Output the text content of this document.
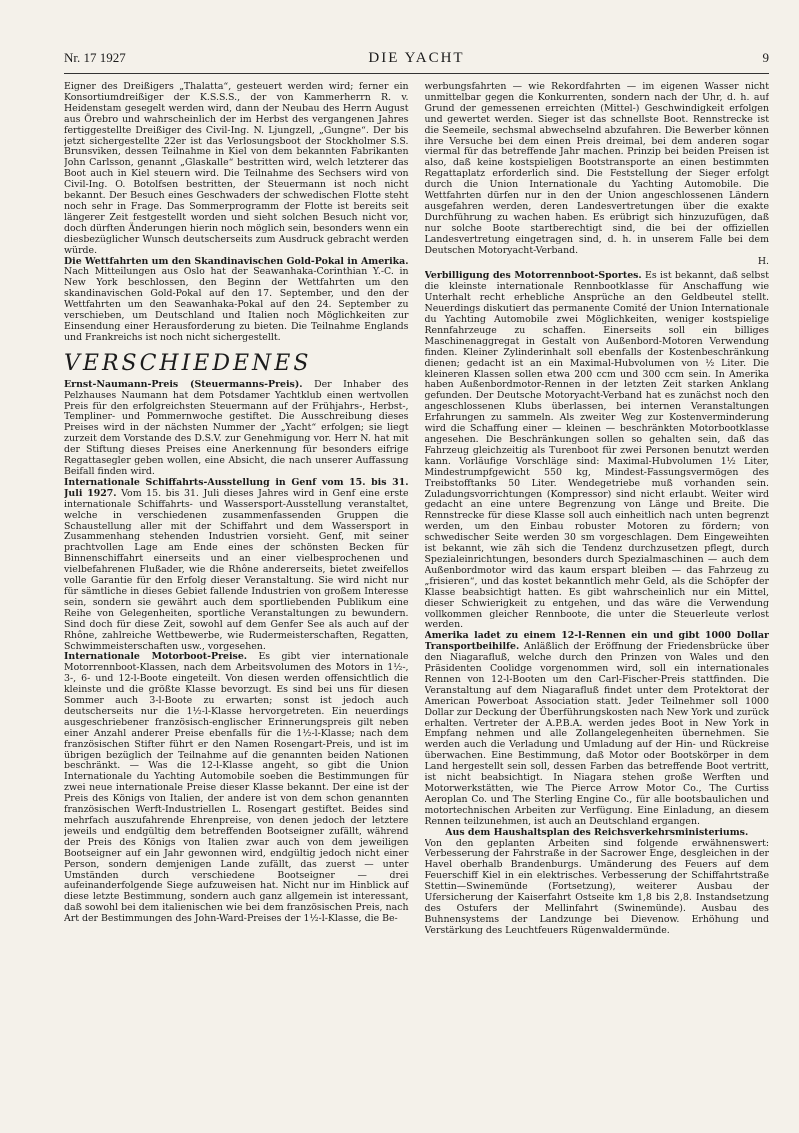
Nr. 17 1927	DIE YACHT	9

Eigner des Dreißigers „Thalatta“, gesteuert werden wird; ferner ein Konsortiumdreißiger der K.S.S.S., der von Kammerherrn R. v. Heidenstam gesegelt werden wird, dann der Neubau des Herrn August aus Örebro und wahrscheinlich der im Herbst des vergangenen Jahres fertiggestellte Dreißiger des Civil-Ing. N. Ljungzell, „Gungne“. Der bis jetzt sichergestellte 22er ist das Verlosungsboot der Stockholmer S.S. Brunsviken, dessen Teilnahme in Kiel von dem bekannten Fabrikanten John Carlsson, genannt „Glaskalle“ bestritten wird, welch letzterer das Boot auch in Kiel steuern wird. Die Teilnahme des Sechsers wird von Civil-Ing. O. Botolfsen bestritten, der Steuermann ist noch nicht bekannt. Der Besuch eines Geschwaders der schwedischen Flotte steht noch sehr in Frage. Das Sommerprogramm der Flotte ist bereits seit längerer Zeit festgestellt worden und sieht solchen Besuch nicht vor, doch dürften Änderungen hierin noch möglich sein, besonders wenn ein diesbezüglicher Wunsch deutscherseits zum Ausdruck gebracht werden würde.

Die Wettfahrten um den Skandinavischen Gold-Pokal in Amerika. Nach Mitteilungen aus Oslo hat der Seawanhaka-Corinthian Y.-C. in New York beschlossen, den Beginn der Wettfahrten um den skandinavischen Gold-Pokal auf den 17. September, und den der Wettfahrten um den Seawanhaka-Pokal auf den 24. September zu verschieben, um Deutschland und Italien noch Möglichkeiten zur Einsendung einer Herausforderung zu bieten. Die Teilnahme Englands und Frankreichs ist noch nicht sichergestellt.

VERSCHIEDENES

Ernst-Naumann-Preis (Steuermanns-Preis). Der Inhaber des Pelzhauses Naumann hat dem Potsdamer Yachtklub einen wertvollen Preis für den erfolgreichsten Steuermann auf der Frühjahrs-, Herbst-, Templiner- und Pommernwoche gestiftet. Die Ausschreibung dieses Preises wird in der nächsten Nummer der „Yacht“ erfolgen; sie liegt zurzeit dem Vorstande des D.S.V. zur Genehmigung vor. Herr N. hat mit der Stiftung dieses Preises eine Anerkennung für besonders eifrige Regattasegler geben wollen, eine Absicht, die nach unserer Auffassung Beifall finden wird.

Internationale Schiffahrts-Ausstellung in Genf vom 15. bis 31. Juli 1927. Vom 15. bis 31. Juli dieses Jahres wird in Genf eine erste internationale Schiffahrts- und Wassersport-Ausstellung veranstaltet, welche in verschiedenen zusammenfassenden Gruppen die Schaustellung aller mit der Schiffahrt und dem Wassersport in Zusammenhang stehenden Industrien vorsieht. Genf, mit seiner prachtvollen Lage am Ende eines der schönsten Becken für Binnenschiffahrt einerseits und an einer vielbesprochenen und vielbefahrenen Flußader, wie die Rhône andererseits, bietet zweifellos volle Garantie für den Erfolg dieser Veranstaltung. Sie wird nicht nur für sämtliche in dieses Gebiet fallende Industrien von großem Interesse sein, sondern sie gewährt auch dem sportliebenden Publikum eine Reihe von Gelegenheiten, sportliche Veranstaltungen zu bewundern. Sind doch für diese Zeit, sowohl auf dem Genfer See als auch auf der Rhône, zahlreiche Wettbewerbe, wie Rudermeisterschaften, Regatten, Schwimmeisterschaften usw., vorgesehen.

Internationale Motorboot-Preise. Es gibt vier internationale Motorrennboot-Klassen, nach dem Arbeitsvolumen des Motors in 1½-, 3-, 6- und 12-l-Boote eingeteilt. Von diesen werden offensichtlich die kleinste und die größte Klasse bevorzugt. Es sind bei uns für diesen Sommer auch 3-l-Boote zu erwarten; sonst ist jedoch auch deutscherseits nur die 1½-l-Klasse hervorgetreten. Ein neuerdings ausgeschriebener französisch-englischer Erinnerungspreis gilt neben einer Anzahl anderer Preise ebenfalls für die 1½-l-Klasse; nach dem französischen Stifter führt er den Namen Rosengart-Preis, und ist im übrigen bezüglich der Teilnahme auf die genannten beiden Nationen beschränkt. — Was die 12-l-Klasse angeht, so gibt die Union Internationale du Yachting Automobile soeben die Bestimmungen für zwei neue internationale Preise dieser Klasse bekannt. Der eine ist der Preis des Königs von Italien, der andere ist von dem schon genannten französischen Werft-Industriellen L. Rosengart gestiftet. Beides sind mehrfach auszufahrende Ehrenpreise, von denen jedoch der letztere jeweils und endgültig dem betreffenden Bootseigner zufällt, während der Preis des Königs von Italien zwar auch von dem jeweiligen Bootseigner auf ein Jahr gewonnen wird, endgültig jedoch nicht einer Person, sondern demjenigen Lande zufällt, das zuerst — unter Umständen durch verschiedene Bootseigner — drei aufeinanderfolgende Siege aufzuweisen hat. Nicht nur im Hinblick auf diese letzte Bestimmung, sondern auch ganz allgemein ist interessant, daß sowohl bei dem italienischen wie bei dem französischen Preis, nach Art der Bestimmungen des John-Ward-Preises der 1½-l-Klasse, die Be-

werbungsfahrten — wie Rekordfahrten — im eigenen Wasser nicht unmittelbar gegen die Konkurrenten, sondern nach der Uhr, d. h. auf Grund der gemessenen erreichten (Mittel-) Geschwindigkeit erfolgen und gewertet werden. Sieger ist das schnellste Boot. Rennstrecke ist die Seemeile, sechsmal abwechselnd abzufahren. Die Bewerber können ihre Versuche bei dem einen Preis dreimal, bei dem anderen sogar viermal für das betreffende Jahr machen. Prinzip bei beiden Preisen ist also, daß keine kostspieligen Bootstransporte an einen bestimmten Regattaplatz erforderlich sind. Die Feststellung der Sieger erfolgt durch die Union Internationale du Yachting Automobile. Die Wettfahrten dürfen nur in den der Union angeschlossenen Ländern ausgefahren werden, deren Landesvertretungen über die exakte Durchführung zu wachen haben. Es erübrigt sich hinzuzufügen, daß nur solche Boote startberechtigt sind, die bei der offiziellen Landesvertretung eingetragen sind, d. h. in unserem Falle bei dem Deutschen Motoryacht-Verband.

H.

Verbilligung des Motorrennboot-Sportes. Es ist bekannt, daß selbst die kleinste internationale Rennbootklasse für Anschaffung wie Unterhalt recht erhebliche Ansprüche an den Geldbeutel stellt. Neuerdings diskutiert das permanente Comité der Union Internationale du Yachting Automobile zwei Möglichkeiten, weniger kostspielige Rennfahrzeuge zu schaffen. Einerseits soll ein billiges Maschinenaggregat in Gestalt von Außenbord-Motoren Verwendung finden. Kleiner Zylinderinhalt soll ebenfalls der Kostenbeschränkung dienen; gedacht ist an ein Maximal-Hubvolumen von ½ Liter. Die kleineren Klassen sollen etwa 200 ccm und 300 ccm sein. In Amerika haben Außenbordmotor-Rennen in der letzten Zeit starken Anklang gefunden. Der Deutsche Motoryacht-Verband hat es zunächst noch den angeschlossenen Klubs überlassen, bei internen Veranstaltungen Erfahrungen zu sammeln. Als zweiter Weg zur Kostenverminderung wird die Schaffung einer — kleinen — beschränkten Motorbootklasse angesehen. Die Beschränkungen sollen so gehalten sein, daß das Fahrzeug gleichzeitig als Turenboot für zwei Personen benutzt werden kann. Vorläufige Vorschläge sind: Maximal-Hubvolumen 1½ Liter, Mindestrumpfgewicht 550 kg, Mindest-Fassungsvermögen des Treibstofftanks 50 Liter. Wendegetriebe muß vorhanden sein. Zuladungsvorrichtungen (Kompressor) sind nicht erlaubt. Weiter wird gedacht an eine untere Begrenzung von Länge und Breite. Die Rennstrecke für diese Klasse soll auch einheitlich nach unten begrenzt werden, um den Einbau robuster Motoren zu fördern; von schwedischer Seite werden 30 sm vorgeschlagen. Dem Eingeweihten ist bekannt, wie zäh sich die Tendenz durchzusetzen pflegt, durch Spezialeinrichtungen, besonders durch Spezialmaschinen — auch dem Außenbordmotor wird das kaum erspart bleiben — das Fahrzeug zu „frisieren“, und das kostet bekanntlich mehr Geld, als die Schöpfer der Klasse beabsichtigt hatten. Es gibt wahrscheinlich nur ein Mittel, dieser Schwierigkeit zu entgehen, und das wäre die Verwendung vollkommen gleicher Rennboote, die unter die Steuerleute verlost werden.

Amerika ladet zu einem 12-l-Rennen ein und gibt 1000 Dollar Transportbeihilfe. Anläßlich der Eröffnung der Friedensbrücke über den Niagarafluß, welche durch den Prinzen von Wales und den Präsidenten Coolidge vorgenommen wird, soll ein internationales Rennen von 12-l-Booten um den Carl-Fischer-Preis stattfinden. Die Veranstaltung auf dem Niagarafluß findet unter dem Protektorat der American Powerboat Association statt. Jeder Teilnehmer soll 1000 Dollar zur Deckung der Überführungskosten nach New York und zurück erhalten. Vertreter der A.P.B.A. werden jedes Boot in New York in Empfang nehmen und alle Zollangelegenheiten übernehmen. Sie werden auch die Verladung und Umladung auf der Hin- und Rückreise überwachen. Eine Bestimmung, daß Motor oder Bootskörper in dem Land hergestellt sein soll, dessen Farben das betreffende Boot vertritt, ist nicht beabsichtigt. In Niagara stehen große Werften und Motorwerkstätten, wie The Pierce Arrow Motor Co., The Curtiss Aeroplan Co. und The Sterling Engine Co., für alle bootsbaulichen und motortechnischen Arbeiten zur Verfügung. Eine Einladung, an diesem Rennen teilzunehmen, ist auch an Deutschland ergangen.

Aus dem Haushaltsplan des Reichsverkehrsministeriums.

Von den geplanten Arbeiten sind folgende erwähnenswert: Verbesserung der Fahrstraße in der Sacrower Enge, desgleichen in der Havel oberhalb Brandenburgs. Umänderung des Feuers auf dem Feuerschiff Kiel in ein elektrisches. Verbesserung der Schiffahrtstraße Stettin—Swinemünde (Fortsetzung), weiterer Ausbau der Ufersicherung der Kaiserfahrt Ostseite km 1,8 bis 2,8. Instandsetzung des Ostufers der Mellinfahrt (Swinemünde). Ausbau des Buhnensystems der Landzunge bei Dievenow. Erhöhung und Verstärkung des Leuchtfeuers Rügenwaldermünde.
